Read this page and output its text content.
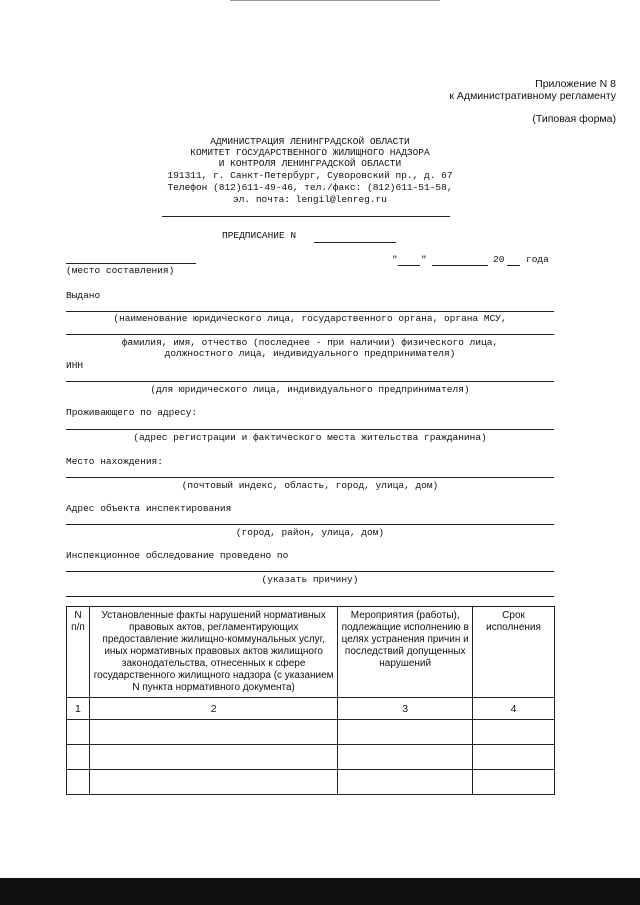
Приложение N 8
к Административному регламенту
(Типовая форма)
АДМИНИСТРАЦИЯ ЛЕНИНГРАДСКОЙ ОБЛАСТИ
КОМИТЕТ ГОСУДАРСТВЕННОГО ЖИЛИЩНОГО НАДЗОРА
И КОНТРОЛЯ ЛЕНИНГРАДСКОЙ ОБЛАСТИ
191311, г. Санкт-Петербург, Суворовский пр., д. 67
Телефон (812)611-49-46, тел./факс: (812)611-51-58,
эл. почта: lengil@lenreg.ru
ПРЕДПИСАНИЕ N
(место составления)
" "	20 года
Выдано
(наименование юридического лица, государственного органа, органа МСУ,
фамилия, имя, отчество (последнее - при наличии) физического лица,
должностного лица, индивидуального предпринимателя)
ИНН
(для юридического лица, индивидуального предпринимателя)
Проживающего по адресу:
(адрес регистрации и фактического места жительства гражданина)
Место нахождения:
(почтовый индекс, область, город, улица, дом)
Адрес объекта инспектирования
(город, район, улица, дом)
Инспекционное обследование проведено по
(указать причину)
N п/п	Установленные факты нарушений нормативных правовых актов, регламентирующих предоставление жилищно-коммунальных услуг, иных нормативных правовых актов жилищного законодательства, отнесенных к сфере государственного жилищного надзора (с указанием N пункта нормативного документа)	Мероприятия (работы), подлежащие исполнению в целях устранения причин и последствий допущенных нарушений	Срок исполнения
1	2	3	4
